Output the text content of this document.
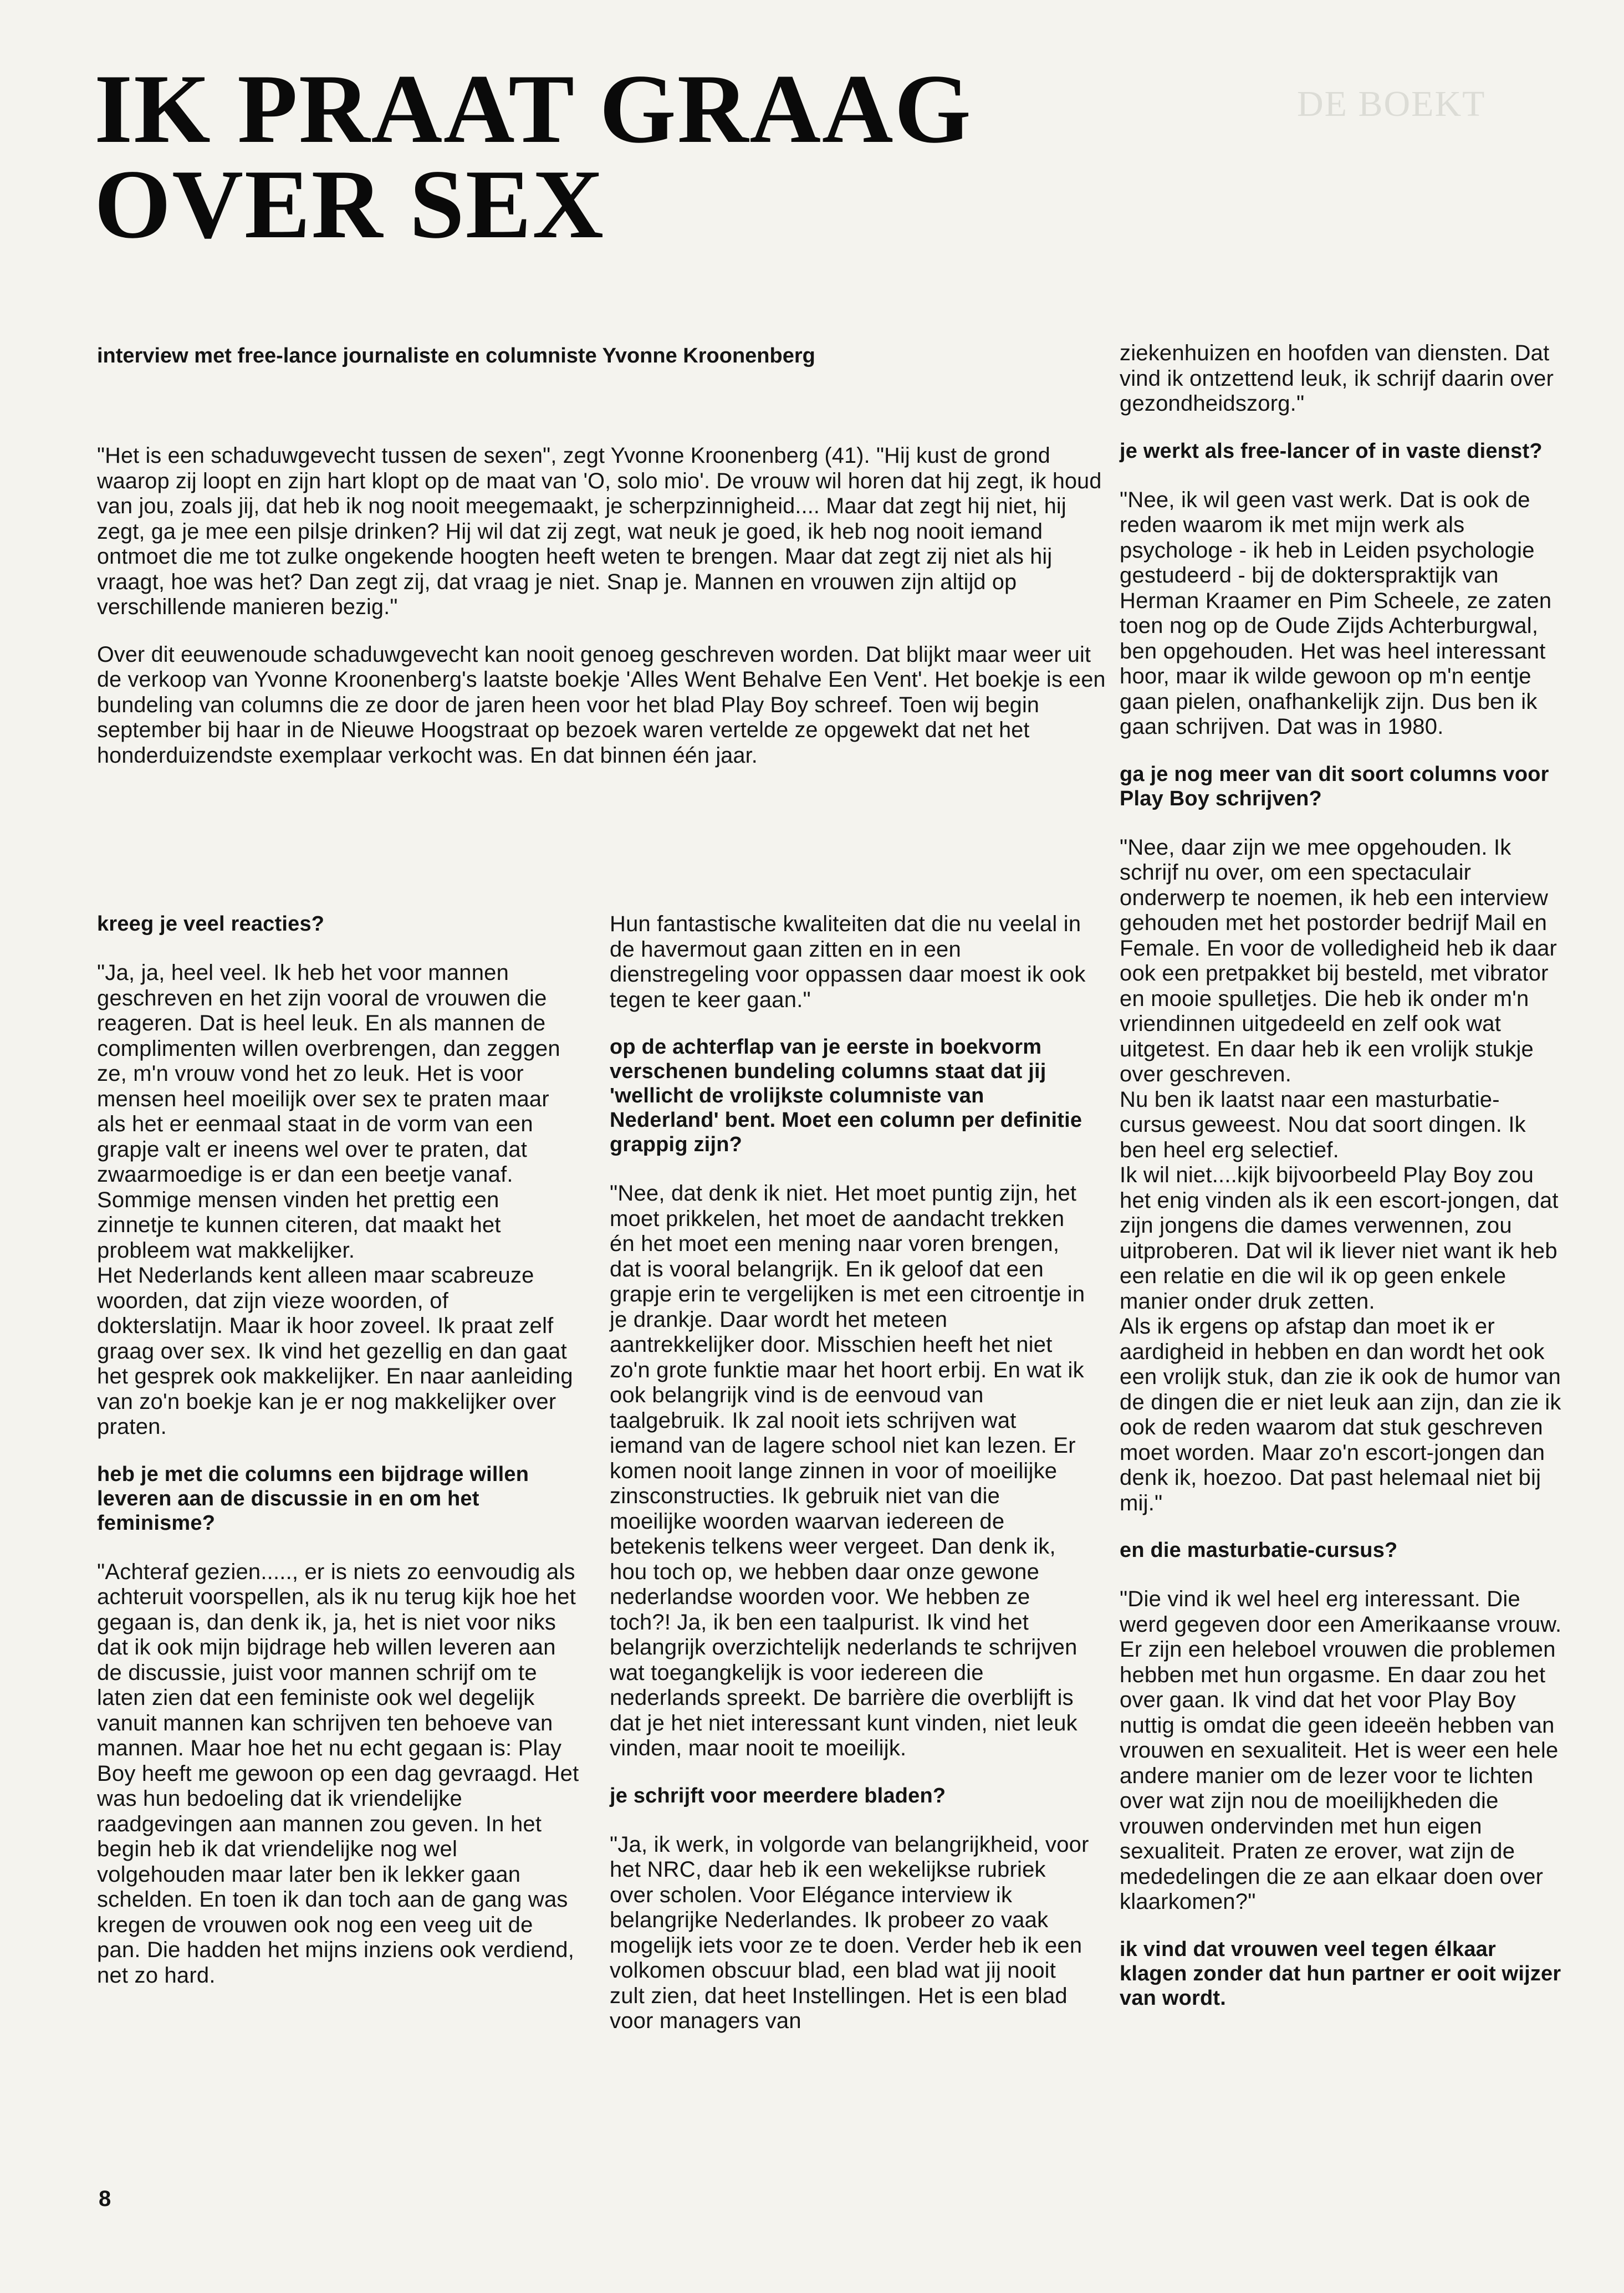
DE BOEKT
IK PRAAT GRAAG
OVER SEX
interview met free-lance journaliste en columniste Yvonne Kroonenberg

"Het is een schaduwgevecht tussen de sexen", zegt Yvonne Kroonenberg (41). "Hij kust de grond waarop zij loopt en zijn hart klopt op de maat van 'O, solo mio'. De vrouw wil horen dat hij zegt, ik houd van jou, zoals jij, dat heb ik nog nooit meegemaakt, je scherpzinnigheid.... Maar dat zegt hij niet, hij zegt, ga je mee een pilsje drinken? Hij wil dat zij zegt, wat neuk je goed, ik heb nog nooit iemand ontmoet die me tot zulke ongekende hoogten heeft weten te brengen. Maar dat zegt zij niet als hij vraagt, hoe was het? Dan zegt zij, dat vraag je niet. Snap je. Mannen en vrouwen zijn altijd op verschillende manieren bezig."

Over dit eeuwenoude schaduwgevecht kan nooit genoeg geschreven worden. Dat blijkt maar weer uit de verkoop van Yvonne Kroonenberg's laatste boekje 'Alles Went Behalve Een Vent'. Het boekje is een bundeling van columns die ze door de jaren heen voor het blad Play Boy schreef. Toen wij begin september bij haar in de Nieuwe Hoogstraat op bezoek waren vertelde ze opgewekt dat net het honderduizendste exemplaar verkocht was. En dat binnen één jaar.

kreeg je veel reacties?

"Ja, ja, heel veel. Ik heb het voor mannen geschreven en het zijn vooral de vrouwen die reageren. Dat is heel leuk. En als mannen de complimenten willen overbrengen, dan zeggen ze, m'n vrouw vond het zo leuk. Het is voor mensen heel moeilijk over sex te praten maar als het er eenmaal staat in de vorm van een grapje valt er ineens wel over te praten, dat zwaarmoedige is er dan een beetje vanaf. Sommige mensen vinden het prettig een zinnetje te kunnen citeren, dat maakt het probleem wat makkelijker.
Het Nederlands kent alleen maar scabreuze woorden, dat zijn vieze woorden, of dokterslatijn. Maar ik hoor zoveel. Ik praat zelf graag over sex. Ik vind het gezellig en dan gaat het gesprek ook makkelijker. En naar aanleiding van zo'n boekje kan je er nog makkelijker over praten.

heb je met die columns een bijdrage willen leveren aan de discussie in en om het feminisme?

"Achteraf gezien....., er is niets zo eenvoudig als achteruit voorspellen, als ik nu terug kijk hoe het gegaan is, dan denk ik, ja, het is niet voor niks dat ik ook mijn bijdrage heb willen leveren aan de discussie, juist voor mannen schrijf om te laten zien dat een feministe ook wel degelijk vanuit mannen kan schrijven ten behoeve van mannen. Maar hoe het nu echt gegaan is: Play Boy heeft me gewoon op een dag gevraagd. Het was hun bedoeling dat ik vriendelijke raadgevingen aan mannen zou geven. In het begin heb ik dat vriendelijke nog wel volgehouden maar later ben ik lekker gaan schelden. En toen ik dan toch aan de gang was kregen de vrouwen ook nog een veeg uit de pan. Die hadden het mijns inziens ook verdiend, net zo hard.

Hun fantastische kwaliteiten dat die nu veelal in de havermout gaan zitten en in een dienstregeling voor oppassen daar moest ik ook tegen te keer gaan."

op de achterflap van je eerste in boekvorm verschenen bundeling columns staat dat jij 'wellicht de vrolijkste columniste van Nederland' bent. Moet een column per definitie grappig zijn?

"Nee, dat denk ik niet. Het moet puntig zijn, het moet prikkelen, het moet de aandacht trekken én het moet een mening naar voren brengen, dat is vooral belangrijk. En ik geloof dat een grapje erin te vergelijken is met een citroentje in je drankje. Daar wordt het meteen aantrekkelijker door. Misschien heeft het niet zo'n grote funktie maar het hoort erbij. En wat ik ook belangrijk vind is de eenvoud van taalgebruik. Ik zal nooit iets schrijven wat iemand van de lagere school niet kan lezen. Er komen nooit lange zinnen in voor of moeilijke zinsconstructies. Ik gebruik niet van die moeilijke woorden waarvan iedereen de betekenis telkens weer vergeet. Dan denk ik, hou toch op, we hebben daar onze gewone nederlandse woorden voor. We hebben ze toch?! Ja, ik ben een taalpurist. Ik vind het belangrijk overzichtelijk nederlands te schrijven wat toegangkelijk is voor iedereen die nederlands spreekt. De barrière die overblijft is dat je het niet interessant kunt vinden, niet leuk vinden, maar nooit te moeilijk.

je schrijft voor meerdere bladen?

"Ja, ik werk, in volgorde van belangrijkheid, voor het NRC, daar heb ik een wekelijkse rubriek over scholen. Voor Elégance interview ik belangrijke Nederlandes. Ik probeer zo vaak mogelijk iets voor ze te doen. Verder heb ik een volkomen obscuur blad, een blad wat jij nooit zult zien, dat heet Instellingen. Het is een blad voor managers van

ziekenhuizen en hoofden van diensten. Dat vind ik ontzettend leuk, ik schrijf daarin over gezondheidszorg."

je werkt als free-lancer of in vaste dienst?

"Nee, ik wil geen vast werk. Dat is ook de reden waarom ik met mijn werk als psychologe - ik heb in Leiden psychologie gestudeerd - bij de dokterspraktijk van Herman Kraamer en Pim Scheele, ze zaten toen nog op de Oude Zijds Achterburgwal, ben opgehouden. Het was heel interessant hoor, maar ik wilde gewoon op m'n eentje gaan pielen, onafhankelijk zijn. Dus ben ik gaan schrijven. Dat was in 1980.

ga je nog meer van dit soort columns voor Play Boy schrijven?

"Nee, daar zijn we mee opgehouden. Ik schrijf nu over, om een spectaculair onderwerp te noemen, ik heb een interview gehouden met het postorder bedrijf Mail en Female. En voor de volledigheid heb ik daar ook een pretpakket bij besteld, met vibrator en mooie spulletjes. Die heb ik onder m'n vriendinnen uitgedeeld en zelf ook wat uitgetest. En daar heb ik een vrolijk stukje over geschreven.
Nu ben ik laatst naar een masturbatie-cursus geweest. Nou dat soort dingen. Ik ben heel erg selectief.
Ik wil niet....kijk bijvoorbeeld Play Boy zou het enig vinden als ik een escort-jongen, dat zijn jongens die dames verwennen, zou uitproberen. Dat wil ik liever niet want ik heb een relatie en die wil ik op geen enkele manier onder druk zetten.
Als ik ergens op afstap dan moet ik er aardigheid in hebben en dan wordt het ook een vrolijk stuk, dan zie ik ook de humor van de dingen die er niet leuk aan zijn, dan zie ik ook de reden waarom dat stuk geschreven moet worden. Maar zo'n escort-jongen dan denk ik, hoezoo. Dat past helemaal niet bij mij."

en die masturbatie-cursus?

"Die vind ik wel heel erg interessant. Die werd gegeven door een Amerikaanse vrouw. Er zijn een heleboel vrouwen die problemen hebben met hun orgasme. En daar zou het over gaan. Ik vind dat het voor Play Boy nuttig is omdat die geen ideeën hebben van vrouwen en sexualiteit. Het is weer een hele andere manier om de lezer voor te lichten over wat zijn nou de moeilijkheden die vrouwen ondervinden met hun eigen sexualiteit. Praten ze erover, wat zijn de mededelingen die ze aan elkaar doen over klaarkomen?"

ik vind dat vrouwen veel tegen élkaar klagen zonder dat hun partner er ooit wijzer van wordt.

8
